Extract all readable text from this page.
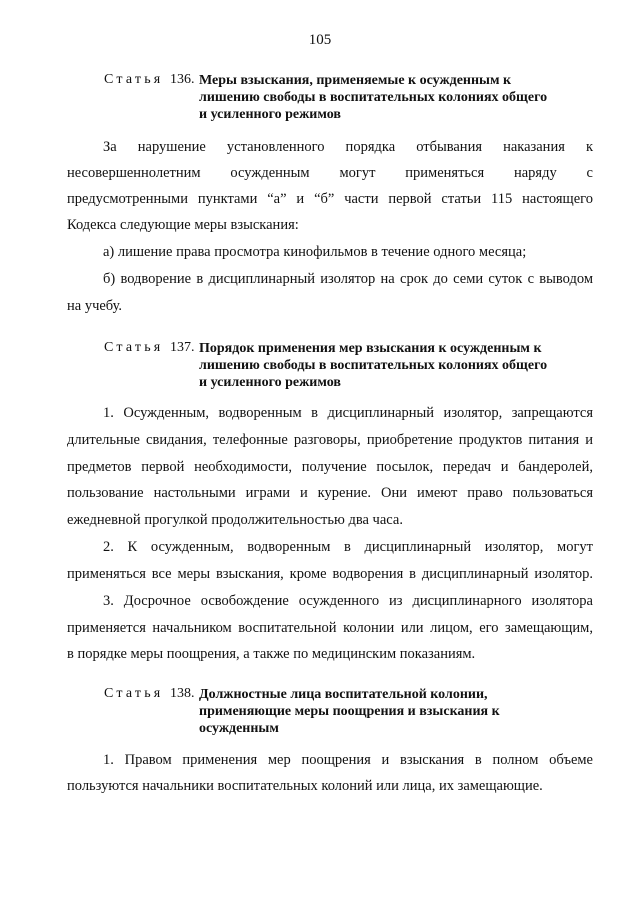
105
Статья 136. Меры взыскания, применяемые к осужденным к
лишению свободы в воспитательных колониях общего
и усиленного режимов
За нарушение установленного порядка отбывания наказания к
несовершеннолетним осужденным могут применяться наряду с
предусмотренными пунктами “а” и “б” части первой статьи 115 настоящего
Кодекса следующие меры взыскания:
а) лишение права просмотра кинофильмов в течение одного месяца;
б) водворение в дисциплинарный изолятор на срок до семи суток с выводом
на учебу.
Статья 137. Порядок применения мер взыскания к осужденным к
лишению свободы в воспитательных колониях общего
и усиленного режимов
1. Осужденным, водворенным в дисциплинарный изолятор, запрещаются
длительные свидания, телефонные разговоры, приобретение продуктов питания и
предметов первой необходимости, получение посылок, передач и бандеролей,
пользование настольными играми и курение. Они имеют право пользоваться
ежедневной прогулкой продолжительностью два часа.
2. К осужденным, водворенным в дисциплинарный изолятор, могут
применяться все меры взыскания, кроме водворения в дисциплинарный изолятор.
3. Досрочное освобождение осужденного из дисциплинарного изолятора
применяется начальником воспитательной колонии или лицом, его замещающим,
в порядке меры поощрения, а также по медицинским показаниям.
Статья 138. Должностные лица воспитательной колонии,
применяющие меры поощрения и взыскания к
осужденным
1. Правом применения мер поощрения и взыскания в полном объеме
пользуются начальники воспитательных колоний или лица, их замещающие.
